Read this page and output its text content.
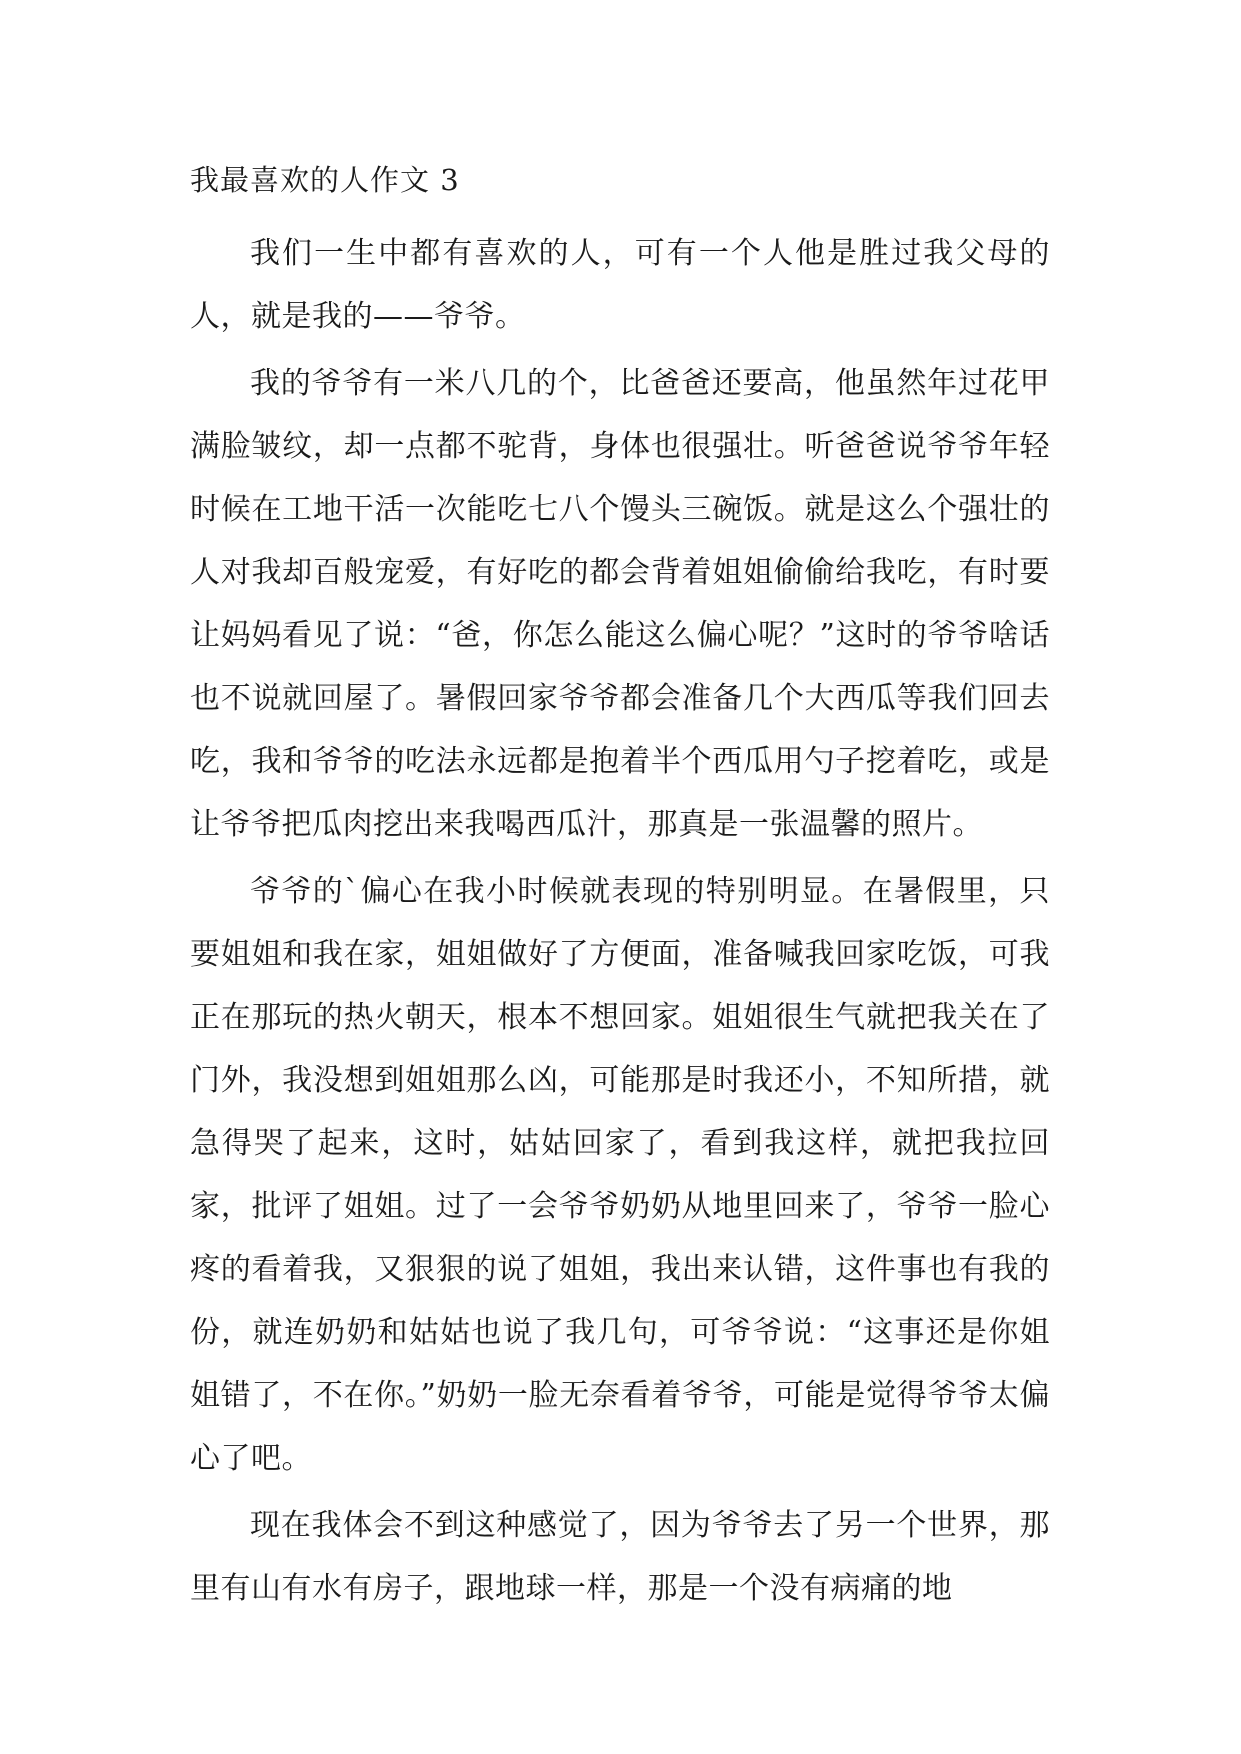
我最喜欢的人作文 3

我们一生中都有喜欢的人，可有一个人他是胜过我父母的人，就是我的——爷爷。

我的爷爷有一米八几的个，比爸爸还要高，他虽然年过花甲满脸皱纹，却一点都不驼背，身体也很强壮。听爸爸说爷爷年轻时候在工地干活一次能吃七八个馒头三碗饭。就是这么个强壮的人对我却百般宠爱，有好吃的都会背着姐姐偷偷给我吃，有时要让妈妈看见了说：“爸，你怎么能这么偏心呢？”这时的爷爷啥话也不说就回屋了。暑假回家爷爷都会准备几个大西瓜等我们回去吃，我和爷爷的吃法永远都是抱着半个西瓜用勺子挖着吃，或是让爷爷把瓜肉挖出来我喝西瓜汁，那真是一张温馨的照片。

爷爷的`偏心在我小时候就表现的特别明显。在暑假里，只要姐姐和我在家，姐姐做好了方便面，准备喊我回家吃饭，可我正在那玩的热火朝天，根本不想回家。姐姐很生气就把我关在了门外，我没想到姐姐那么凶，可能那是时我还小，不知所措，就急得哭了起来，这时，姑姑回家了，看到我这样，就把我拉回家，批评了姐姐。过了一会爷爷奶奶从地里回来了，爷爷一脸心疼的看着我，又狠狠的说了姐姐，我出来认错，这件事也有我的份，就连奶奶和姑姑也说了我几句，可爷爷说：“这事还是你姐姐错了，不在你。”奶奶一脸无奈看着爷爷，可能是觉得爷爷太偏心了吧。

现在我体会不到这种感觉了，因为爷爷去了另一个世界，那里有山有水有房子，跟地球一样，那是一个没有病痛的地
